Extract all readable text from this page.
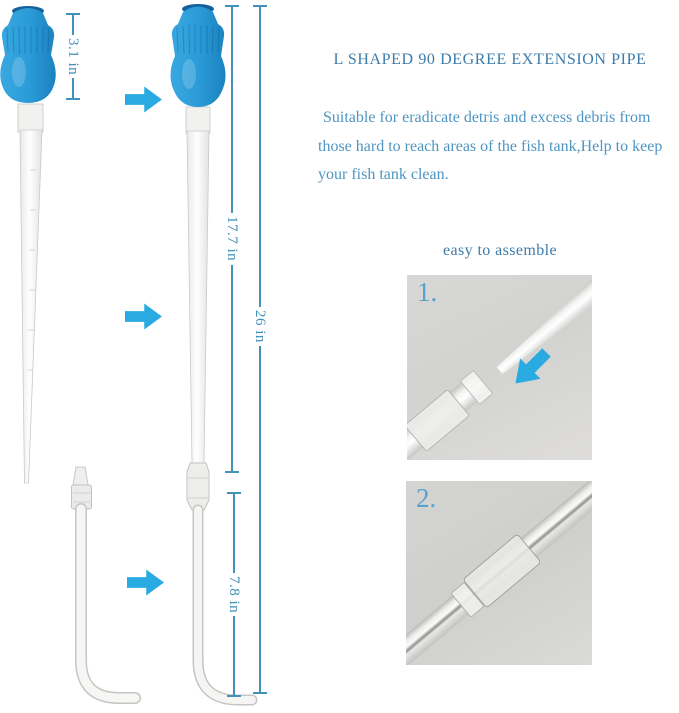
3.1 in
17.7 in
26 in
7.8 in
L SHAPED 90 DEGREE EXTENSION PIPE
Suitable for eradicate detris and excess debris from
those hard to reach areas of the fish tank,Help to keep
your fish tank clean.
easy to assemble
1.
2.
